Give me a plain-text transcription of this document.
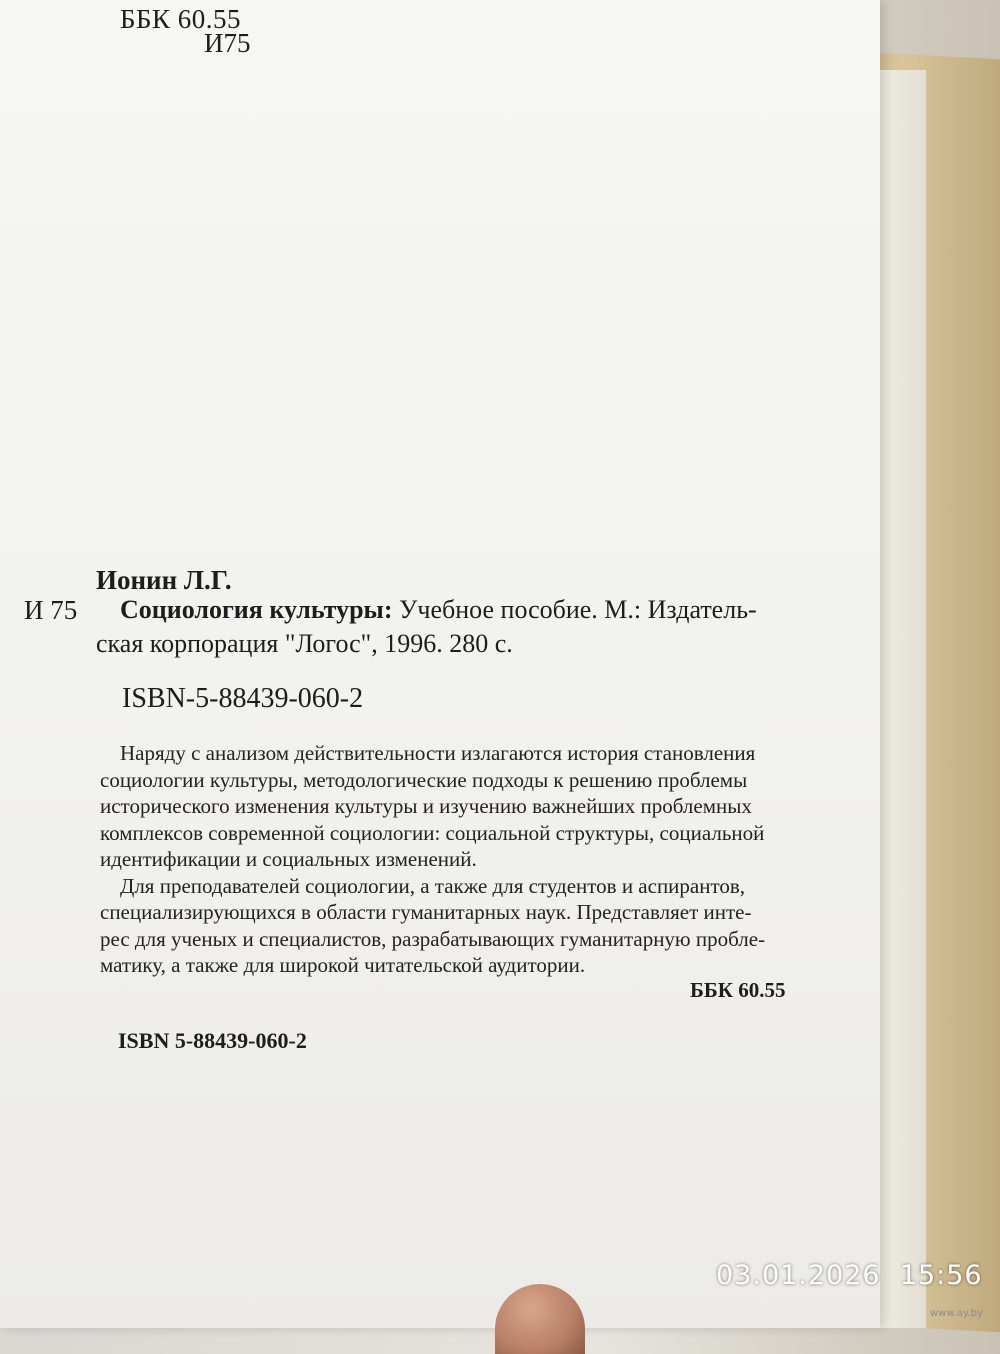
ББК 60.55
И75
Ионин Л.Г.
И 75 Социология культуры: Учебное пособие. М.: Издатель-
ская корпорация "Логос", 1996. 280 с.
ISBN-5-88439-060-2
Наряду с анализом действительности излагаются история становления
социологии культуры, методологические подходы к решению проблемы
исторического изменения культуры и изучению важнейших проблемных
комплексов современной социологии: социальной структуры, социальной
идентификации и социальных изменений.
Для преподавателей социологии, а также для студентов и аспирантов,
специализирующихся в области гуманитарных наук. Представляет инте-
рес для ученых и специалистов, разрабатывающих гуманитарную пробле-
матику, а также для широкой читательской аудитории.
ББК 60.55
ISBN 5-88439-060-2
03.01.2026 15:56
www.ay.by
